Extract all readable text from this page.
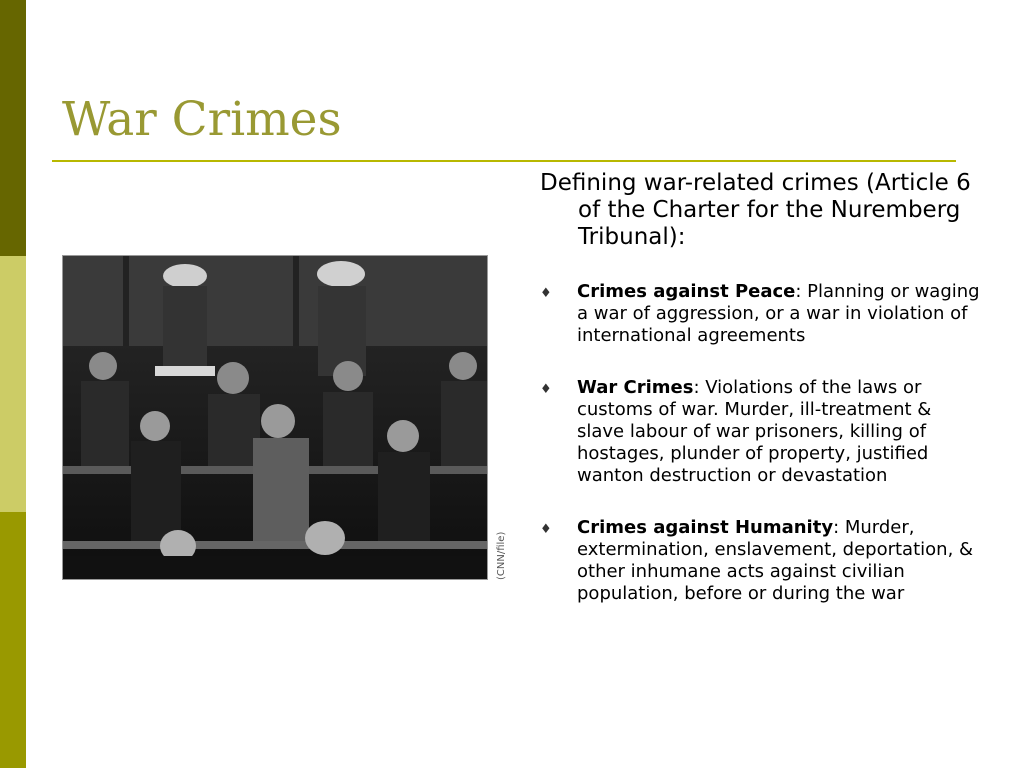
War Crimes
(CNN/file)

Defining war-related crimes (Article 6 of the Charter for the Nuremberg Tribunal):

♦ Crimes against Peace: Planning or waging a war of aggression, or a war in violation of international agreements
♦ War Crimes: Violations of the laws or customs of war. Murder, ill-treatment & slave labour of war prisoners, killing of hostages, plunder of property, justified wanton destruction or devastation
♦ Crimes against Humanity: Murder, extermination, enslavement, deportation, & other inhumane acts against civilian population, before or during the war
